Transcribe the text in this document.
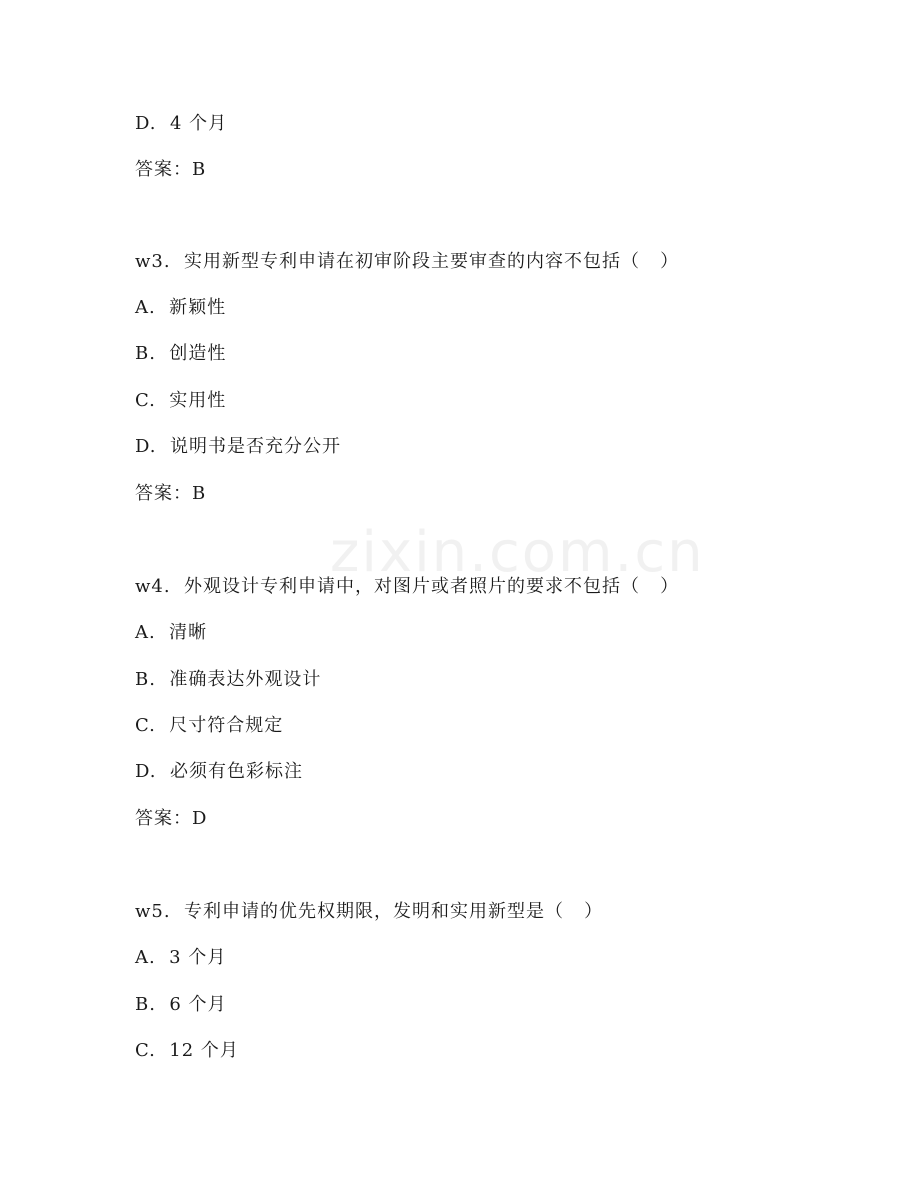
zixin.com.cn
D.  4 个月
答案：B
w3.  实用新型专利申请在初审阶段主要审查的内容不包括（   ）
A.  新颖性
B.  创造性
C.  实用性
D.  说明书是否充分公开
答案：B
w4.  外观设计专利申请中，对图片或者照片的要求不包括（   ）
A.  清晰
B.  准确表达外观设计
C.  尺寸符合规定
D.  必须有色彩标注
答案：D
w5.  专利申请的优先权期限，发明和实用新型是（   ）
A.  3 个月
B.  6 个月
C.  12 个月
